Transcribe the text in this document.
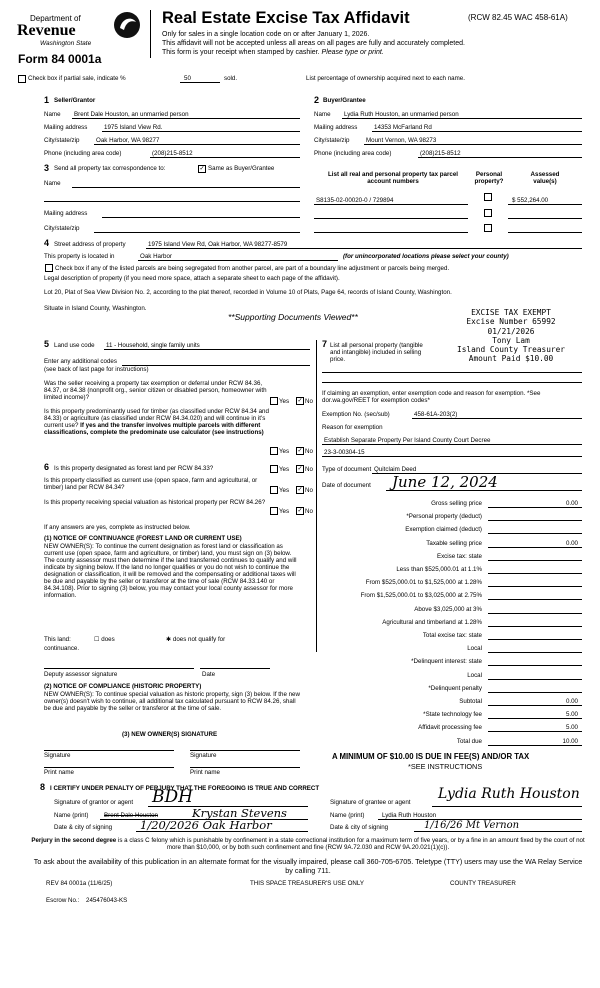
Department of
Revenue
Washington State
Form 84 0001a
Real Estate Excise Tax Affidavit	(RCW 82.45 WAC 458-61A)
Only for sales in a single location code on or after January 1, 2026.
This affidavit will not be accepted unless all areas on all pages are fully and accurately completed.
This form is your receipt when stamped by cashier. Please type or print.
Check box if partial sale, indicate %	50	sold.	List percentage of ownership acquired next to each name.
1 Seller/Grantor
Name Brent Dale Houston, an unmarried person
Mailing address	1975 Island View Rd.
City/state/zip	Oak Harbor, WA 98277
Phone (including area code)	(208)215-8512
2 Buyer/Grantee
Name Lydia Ruth Houston, an unmarried person
Mailing address	14353 McFarland Rd
City/state/zip	Mount Vernon, WA 98273
Phone (including area code)	(208)215-8512
3 Send all property tax correspondence to:	✓ Same as Buyer/Grantee
Name
Mailing address
City/state/zip
List all real and personal property tax parcel account numbers
Personal property?
Assessed value(s)
S8135-02-00020-0 / 729894	$ 552,264.00
4 Street address of property	1975 Island View Rd, Oak Harbor, WA 98277-8579
This property is located in	Oak Harbor	(for unincorporated locations please select your county)
Check box if any of the listed parcels are being segregated from another parcel, are part of a boundary line adjustment or parcels being merged.
Legal description of property (if you need more space, attach a separate sheet to each page of the affidavit).
Lot 20, Plat of Sea View Division No. 2, according to the plat thereof, recorded in Volume 10 of Plats, Page 64, records of Island County, Washington.
Situate in Island County, Washington.
**Supporting Documents Viewed**	EXCISE TAX EXEMPT
Excise Number 65992
01/21/2026
Tony Lam
Island County Treasurer
Amount Paid $10.00
5 Land use code 11 - Household, single family units
Enter any additional codes
(see back of last page for instructions)
Was the seller receiving a property tax exemption or deferral under RCW 84.36, 84.37, or 84.38 (nonprofit org., senior citizen or disabled person, homeowner with limited income)?
Yes ✓ No
Is this property predominantly used for timber (as classified under RCW 84.34 and 84.33) or agriculture (as classified under RCW 84.34.020) and will continue in it's current use? If yes and the transfer involves multiple parcels with different classifications, complete the predominate use calculator (see instructions)
Yes ✓ No
7 List all personal property (tangible and intangible) included in selling price.
If claiming an exemption, enter exemption code and reason for exemption. *See dor.wa.gov/REET for exemption codes*
Exemption No. (sec/sub)	458-61A-203(2)
Reason for exemption
Establish Separate Property Per Island County Court Decree
23-3-00304-15
6 Is this property designated as forest land per RCW 84.33?	Yes ✓ No
Is this property classified as current use (open space, farm and agricultural, or timber) land per RCW 84.34?	Yes ✓ No
Is this property receiving special valuation as historical property per RCW 84.26?
Yes ✓ No
If any answers are yes, complete as instructed below.
(1) NOTICE OF CONTINUANCE (FOREST LAND OR CURRENT USE)
NEW OWNER(S): To continue the current designation as forest land or classification as current use (open space, farm and agriculture, or timber) land, you must sign on (3) below. The county assessor must then determine if the land transferred continues to qualify and will indicate by signing below. If the land no longer qualifies or you do not wish to continue the designation or classification, it will be removed and the compensating or additional taxes will be due and payable by the seller or transferor at the time of sale (RCW 84.33.140 or 84.34.108). Prior to signing (3) below, you may contact your local county assessor for more information.
This land:	☐ does	✱ does not qualify for
continuance.
Deputy assessor signature	Date
(2) NOTICE OF COMPLIANCE (HISTORIC PROPERTY)
NEW OWNER(S): To continue special valuation as historic property, sign (3) below. If the new owner(s) doesn't wish to continue, all additional tax calculated pursuant to RCW 84.26, shall be due and payable by the seller or transferor at the time of sale.
(3) NEW OWNER(S) SIGNATURE
Signature	Signature
Print name	Print name
Type of document Quitclaim Deed
Date of document June 12, 2024
Gross selling price	0.00
*Personal property (deduct)
Exemption claimed (deduct)
Taxable selling price	0.00
Excise tax: state
Less than $525,000.01 at 1.1%
From $525,000.01 to $1,525,000 at 1.28%
From $1,525,000.01 to $3,025,000 at 2.75%
Above $3,025,000 at 3%
Agricultural and timberland at 1.28%
Total excise tax: state
Local
*Delinquent interest: state
Local
*Delinquent penalty
Subtotal	0.00
*State technology fee	5.00
Affidavit processing fee	5.00
Total due	10.00
A MINIMUM OF $10.00 IS DUE IN FEE(S) AND/OR TAX
*SEE INSTRUCTIONS
8 I CERTIFY UNDER PENALTY OF PERJURY THAT THE FOREGOING IS TRUE AND CORRECT
Signature of grantor or agent BDH
Name (print)	Brent Dale Houston	Krystan Stevens
Date & city of signing 1/20/2026 Oak Harbor
Signature of grantee or agent
Lydia Ruth Houston
Name (print)	Lydia Ruth Houston
Date & city of signing	1/16/26 Mt Vernon
Perjury in the second degree is a class C felony which is punishable by confinement in a state correctional institution for a maximum term of five years, or by a fine in an amount fixed by the court of not more than $10,000, or by both such confinement and fine (RCW 9A.72.030 and RCW 9A.20.021(1)(c)).
To ask about the availability of this publication in an alternate format for the visually impaired, please call 360-705-6705. Teletype (TTY) users may use the WA Relay Service by calling 711.
REV 84 0001a (11/6/25)	THIS SPACE TREASURER'S USE ONLY	COUNTY TREASURER
Escrow No.: 245476043-KS
